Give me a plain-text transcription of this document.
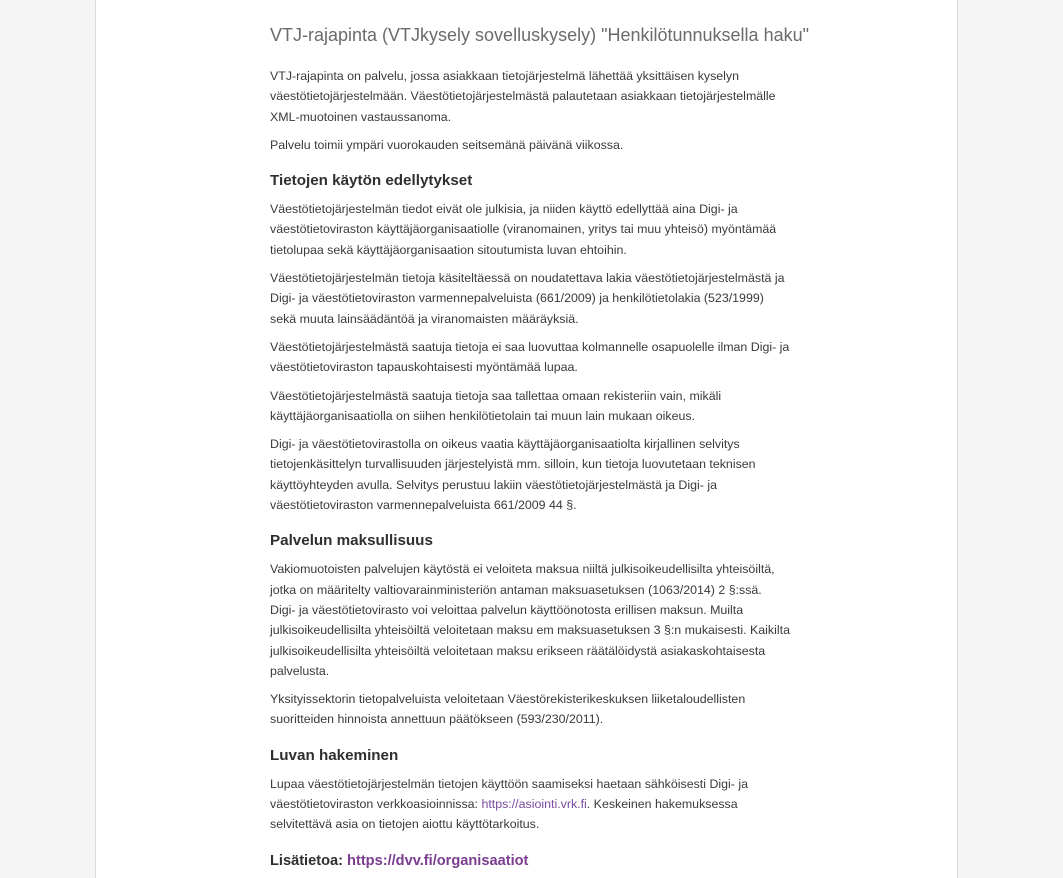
VTJ-rajapinta (VTJkysely sovelluskysely) "Henkilötunnuksella haku"

VTJ-rajapinta on palvelu, jossa asiakkaan tietojärjestelmä lähettää yksittäisen kyselyn väestötietojärjestelmään. Väestötietojärjestelmästä palautetaan asiakkaan tietojärjestelmälle XML-muotoinen vastaussanoma.

Palvelu toimii ympäri vuorokauden seitsemänä päivänä viikossa.

Tietojen käytön edellytykset

Väestötietojärjestelmän tiedot eivät ole julkisia, ja niiden käyttö edellyttää aina Digi- ja väestötietoviraston käyttäjäorganisaatiolle (viranomainen, yritys tai muu yhteisö) myöntämää tietolupaa sekä käyttäjäorganisaation sitoutumista luvan ehtoihin.

Väestötietojärjestelmän tietoja käsiteltäessä on noudatettava lakia väestötietojärjestelmästä ja Digi- ja väestötietoviraston varmennepalveluista (661/2009) ja henkilötietolakia (523/1999) sekä muuta lainsäädäntöä ja viranomaisten määräyksiä.

Väestötietojärjestelmästä saatuja tietoja ei saa luovuttaa kolmannelle osapuolelle ilman Digi- ja väestötietoviraston tapauskohtaisesti myöntämää lupaa.

Väestötietojärjestelmästä saatuja tietoja saa tallettaa omaan rekisteriin vain, mikäli käyttäjäorganisaatiolla on siihen henkilötietolain tai muun lain mukaan oikeus.

Digi- ja väestötietovirastolla on oikeus vaatia käyttäjäorganisaatiolta kirjallinen selvitys tietojenkäsittelyn turvallisuuden järjestelyistä mm. silloin, kun tietoja luovutetaan teknisen käyttöyhteyden avulla. Selvitys perustuu lakiin väestötietojärjestelmästä ja Digi- ja väestötietoviraston varmennepalveluista 661/2009 44 §.

Palvelun maksullisuus

Vakiomuotoisten palvelujen käytöstä ei veloiteta maksua niiltä julkisoikeudellisilta yhteisöiltä, jotka on määritelty valtiovarainministeriön antaman maksuasetuksen (1063/2014) 2 §:ssä. Digi- ja väestötietovirasto voi veloittaa palvelun käyttöönotosta erillisen maksun. Muilta julkisoikeudellisilta yhteisöiltä veloitetaan maksu em maksuasetuksen 3 §:n mukaisesti. Kaikilta julkisoikeudellisilta yhteisöiltä veloitetaan maksu erikseen räätälöidystä asiakaskohtaisesta palvelusta.

Yksityissektorin tietopalveluista veloitetaan Väestörekisterikeskuksen liiketaloudellisten suoritteiden hinnoista annettuun päätökseen (593/230/2011).

Luvan hakeminen

Lupaa väestötietojärjestelmän tietojen käyttöön saamiseksi haetaan sähköisesti Digi- ja väestötietoviraston verkkoasioinnissa: https://asiointi.vrk.fi. Keskeinen hakemuksessa selvitettävä asia on tietojen aiottu käyttötarkoitus.

Lisätietoa: https://dvv.fi/organisaatiot
